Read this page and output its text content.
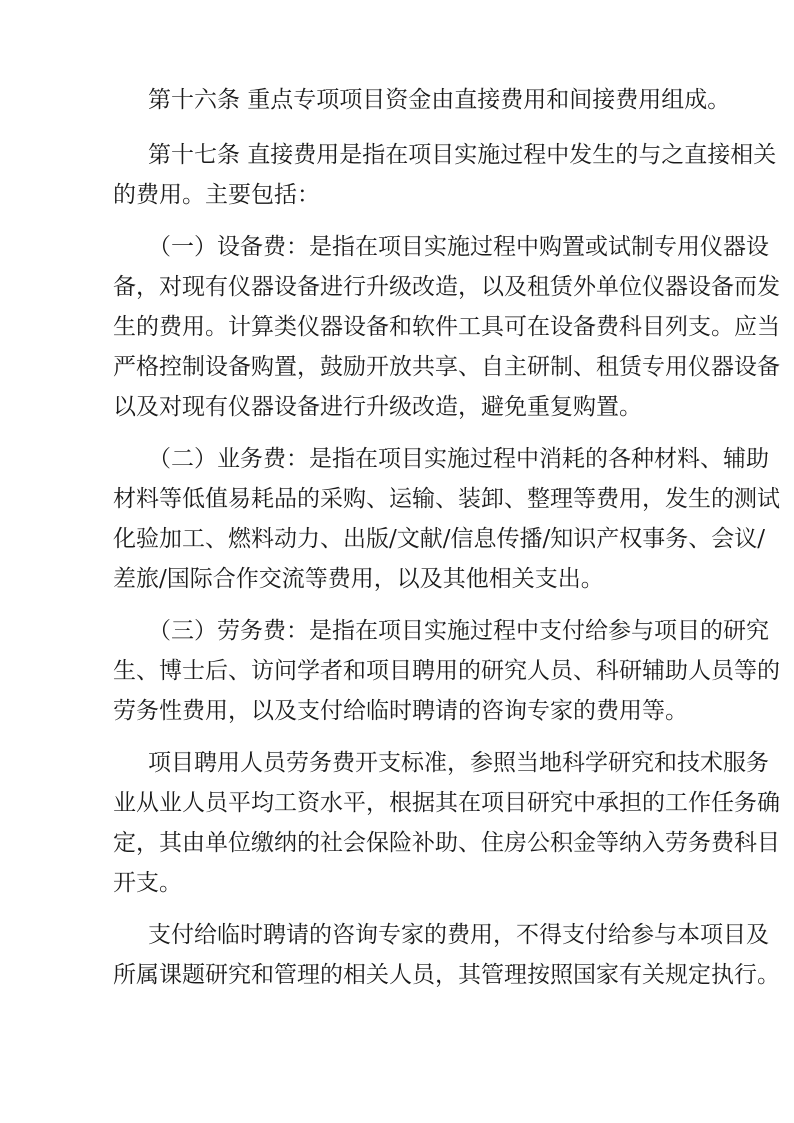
第十六条 重点专项项目资金由直接费用和间接费用组成。
第十七条 直接费用是指在项目实施过程中发生的与之直接相关
的费用。主要包括：
（一）设备费：是指在项目实施过程中购置或试制专用仪器设
备，对现有仪器设备进行升级改造，以及租赁外单位仪器设备而发
生的费用。计算类仪器设备和软件工具可在设备费科目列支。应当
严格控制设备购置，鼓励开放共享、自主研制、租赁专用仪器设备
以及对现有仪器设备进行升级改造，避免重复购置。
（二）业务费：是指在项目实施过程中消耗的各种材料、辅助
材料等低值易耗品的采购、运输、装卸、整理等费用，发生的测试
化验加工、燃料动力、出版/文献/信息传播/知识产权事务、会议/
差旅/国际合作交流等费用，以及其他相关支出。
（三）劳务费：是指在项目实施过程中支付给参与项目的研究
生、博士后、访问学者和项目聘用的研究人员、科研辅助人员等的
劳务性费用，以及支付给临时聘请的咨询专家的费用等。
项目聘用人员劳务费开支标准，参照当地科学研究和技术服务
业从业人员平均工资水平，根据其在项目研究中承担的工作任务确
定，其由单位缴纳的社会保险补助、住房公积金等纳入劳务费科目
开支。
支付给临时聘请的咨询专家的费用，不得支付给参与本项目及
所属课题研究和管理的相关人员，其管理按照国家有关规定执行。
